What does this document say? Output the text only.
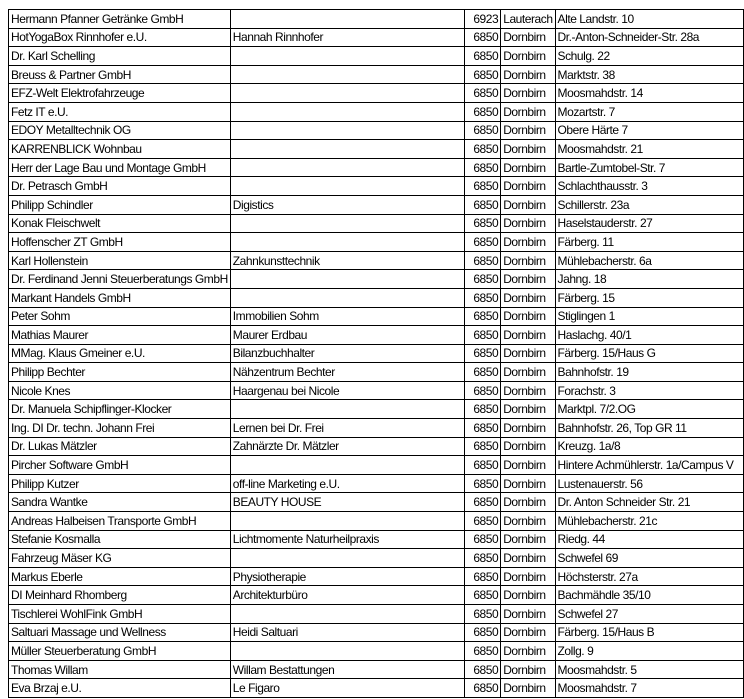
Hermann Pfanner Getränke GmbH		6923	Lauterach	Alte Landstr. 10
HotYogaBox Rinnhofer e.U.	Hannah Rinnhofer	6850	Dornbirn	Dr.-Anton-Schneider-Str. 28a
Dr. Karl Schelling		6850	Dornbirn	Schulg. 22
Breuss & Partner GmbH		6850	Dornbirn	Marktstr. 38
EFZ-Welt Elektrofahrzeuge		6850	Dornbirn	Moosmahdstr. 14
Fetz IT e.U.		6850	Dornbirn	Mozartstr. 7
EDOY Metalltechnik OG		6850	Dornbirn	Obere Härte 7
KARRENBLICK Wohnbau		6850	Dornbirn	Moosmahdstr. 21
Herr der Lage Bau und Montage GmbH		6850	Dornbirn	Bartle-Zumtobel-Str. 7
Dr. Petrasch GmbH		6850	Dornbirn	Schlachthausstr. 3
Philipp Schindler	Digistics	6850	Dornbirn	Schillerstr. 23a
Konak Fleischwelt		6850	Dornbirn	Haselstauderstr. 27
Hoffenscher ZT GmbH		6850	Dornbirn	Färberg. 11
Karl Hollenstein	Zahnkunsttechnik	6850	Dornbirn	Mühlebacherstr. 6a
Dr. Ferdinand Jenni Steuerberatungs GmbH		6850	Dornbirn	Jahng. 18
Markant Handels GmbH		6850	Dornbirn	Färberg. 15
Peter Sohm	Immobilien Sohm	6850	Dornbirn	Stiglingen 1
Mathias Maurer	Maurer Erdbau	6850	Dornbirn	Haslachg. 40/1
MMag. Klaus Gmeiner e.U.	Bilanzbuchhalter	6850	Dornbirn	Färberg. 15/Haus G
Philipp Bechter	Nähzentrum Bechter	6850	Dornbirn	Bahnhofstr. 19
Nicole Knes	Haargenau bei Nicole	6850	Dornbirn	Forachstr. 3
Dr. Manuela Schipflinger-Klocker		6850	Dornbirn	Marktpl. 7/2.OG
Ing. DI Dr. techn. Johann Frei	Lernen bei Dr. Frei	6850	Dornbirn	Bahnhofstr. 26, Top GR 11
Dr. Lukas Mätzler	Zahnärzte Dr. Mätzler	6850	Dornbirn	Kreuzg. 1a/8
Pircher Software GmbH		6850	Dornbirn	Hintere Achmühlerstr. 1a/Campus V
Philipp Kutzer	off-line Marketing e.U.	6850	Dornbirn	Lustenauerstr. 56
Sandra Wantke	BEAUTY HOUSE	6850	Dornbirn	Dr. Anton Schneider Str. 21
Andreas Halbeisen Transporte GmbH		6850	Dornbirn	Mühlebacherstr. 21c
Stefanie Kosmalla	Lichtmomente Naturheilpraxis	6850	Dornbirn	Riedg. 44
Fahrzeug Mäser KG		6850	Dornbirn	Schwefel 69
Markus Eberle	Physiotherapie	6850	Dornbirn	Höchsterstr. 27a
DI Meinhard Rhomberg	Architekturbüro	6850	Dornbirn	Bachmähdle 35/10
Tischlerei WohlFink GmbH		6850	Dornbirn	Schwefel 27
Saltuari Massage und Wellness	Heidi Saltuari	6850	Dornbirn	Färberg. 15/Haus B
Müller Steuerberatung GmbH		6850	Dornbirn	Zollg. 9
Thomas Willam	Willam Bestattungen	6850	Dornbirn	Moosmahdstr. 5
Eva Brzaj e.U.	Le Figaro	6850	Dornbirn	Moosmahdstr. 7
